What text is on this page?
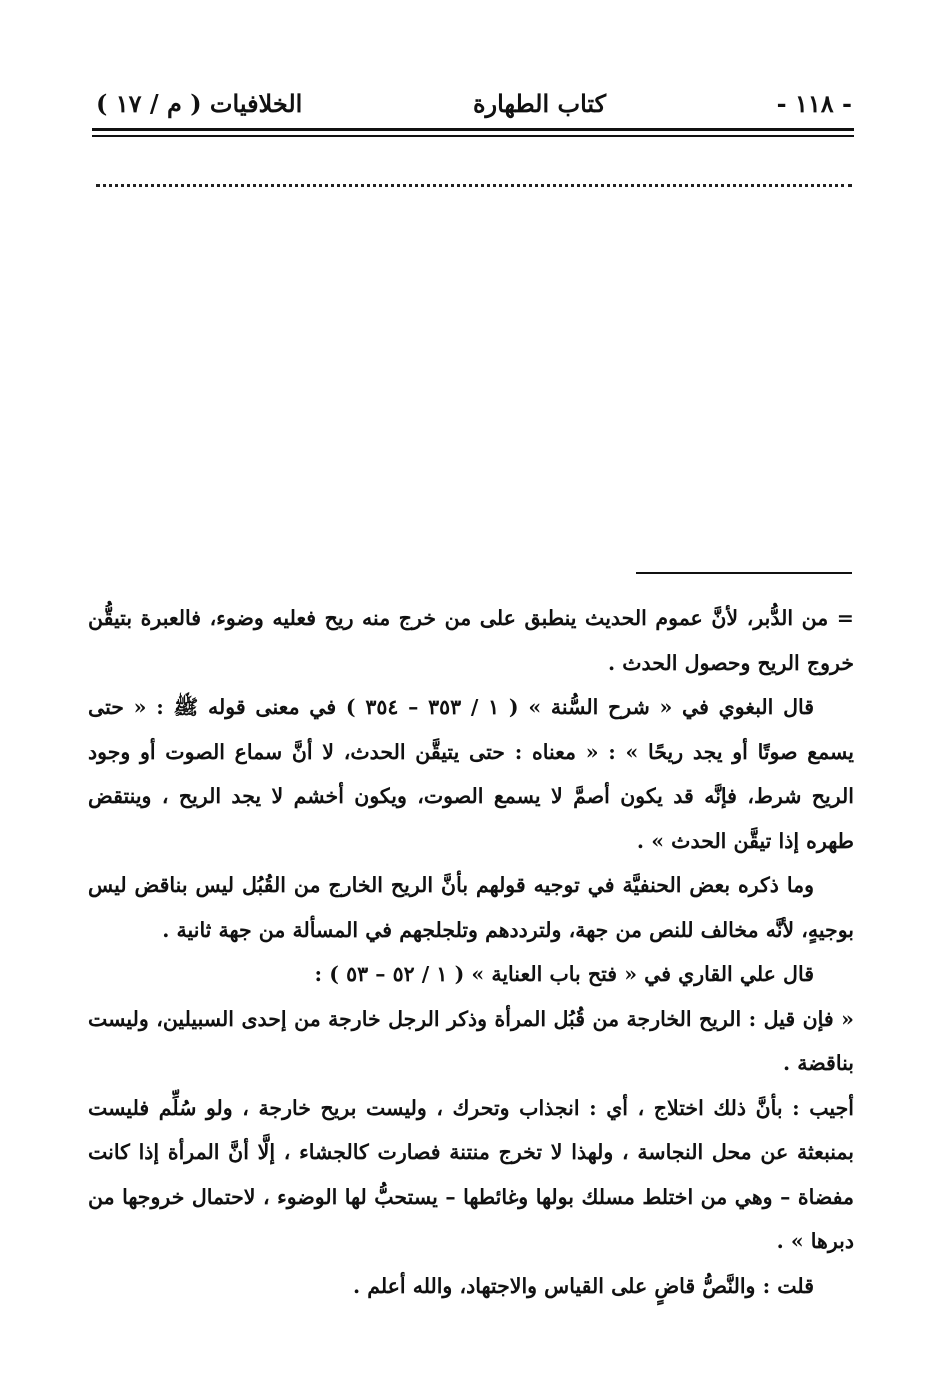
- ١١٨ -
كتاب الطهارة
الخلافيات ( م / ١٧ )

= من الدُّبر، لأنَّ عموم الحديث ينطبق على من خرج منه ريح فعليه وضوء، فالعبرة بتيقُّن خروج الريح وحصول الحدث .

قال البغوي في « شرح السُّنة » ( ١ / ٣٥٣ – ٣٥٤ ) في معنى قوله ﷺ : « حتى يسمع صوتًا أو يجد ريحًا » : « معناه : حتى يتيقَّن الحدث، لا أنَّ سماع الصوت أو وجود الريح شرط، فإنَّه قد يكون أصمَّ لا يسمع الصوت، ويكون أخشم لا يجد الريح ، وينتقض طهره إذا تيقَّن الحدث » .

وما ذكره بعض الحنفيَّة في توجيه قولهم بأنَّ الريح الخارج من القُبُل ليس بناقض ليس بوجيهٍ، لأنَّه مخالف للنص من جهة، ولترددهم وتلجلجهم في المسألة من جهة ثانية .

قال علي القاري في « فتح باب العناية » ( ١ / ٥٢ – ٥٣ ) :

« فإن قيل : الريح الخارجة من قُبُل المرأة وذكر الرجل خارجة من إحدى السبيلين، وليست بناقضة .

أجيب : بأنَّ ذلك اختلاج ، أي : انجذاب وتحرك ، وليست بريح خارجة ، ولو سُلِّم فليست بمنبعثة عن محل النجاسة ، ولهذا لا تخرج منتنة فصارت كالجشاء ، إلَّا أنَّ المرأة إذا كانت مفضاة – وهي من اختلط مسلك بولها وغائطها – يستحبُّ لها الوضوء ، لاحتمال خروجها من دبرها » .

قلت : والنَّصُّ قاضٍ على القياس والاجتهاد، والله أعلم .
